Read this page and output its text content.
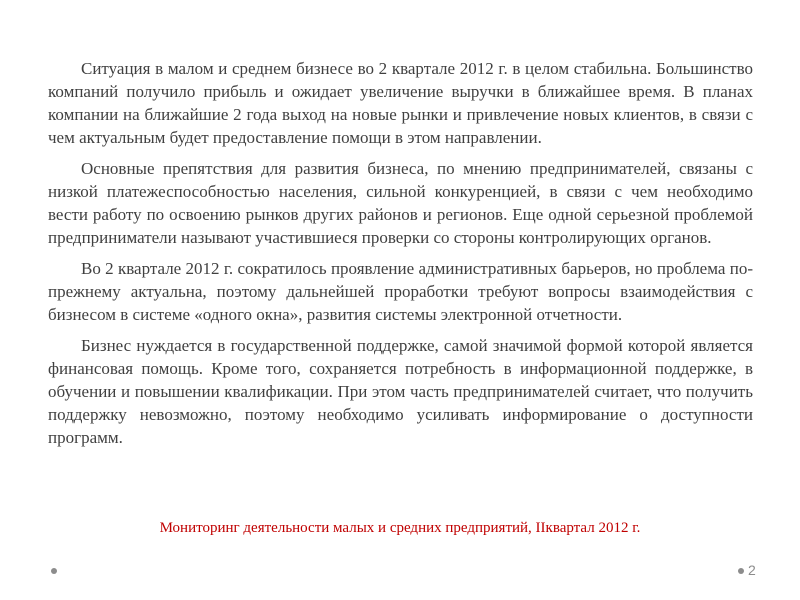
Ситуация в малом и среднем бизнесе во 2 квартале 2012 г. в целом стабильна. Большинство компаний получило прибыль и ожидает увеличение выручки в ближайшее время. В планах компании на ближайшие 2 года выход на новые рынки и привлечение новых клиентов, в связи с чем актуальным будет предоставление помощи в этом направлении.

Основные препятствия для развития бизнеса, по мнению предпринимателей, связаны с низкой платежеспособностью населения, сильной конкуренцией, в связи с чем необходимо вести работу по освоению рынков других районов и регионов. Еще одной серьезной проблемой предприниматели называют участившиеся проверки со стороны контролирующих органов.

Во 2 квартале 2012 г. сократилось проявление административных барьеров, но проблема по-прежнему актуальна, поэтому дальнейшей проработки требуют вопросы взаимодействия с бизнесом в системе «одного окна», развития системы электронной отчетности.

Бизнес нуждается в государственной поддержке, самой значимой формой которой является финансовая помощь. Кроме того, сохраняется потребность в информационной поддержке, в обучении и повышении квалификации. При этом часть предпринимателей считает, что получить поддержку невозможно, поэтому необходимо усиливать информирование о доступности программ.

Мониторинг деятельности малых и средних предприятий, IIквартал 2012 г.
2
